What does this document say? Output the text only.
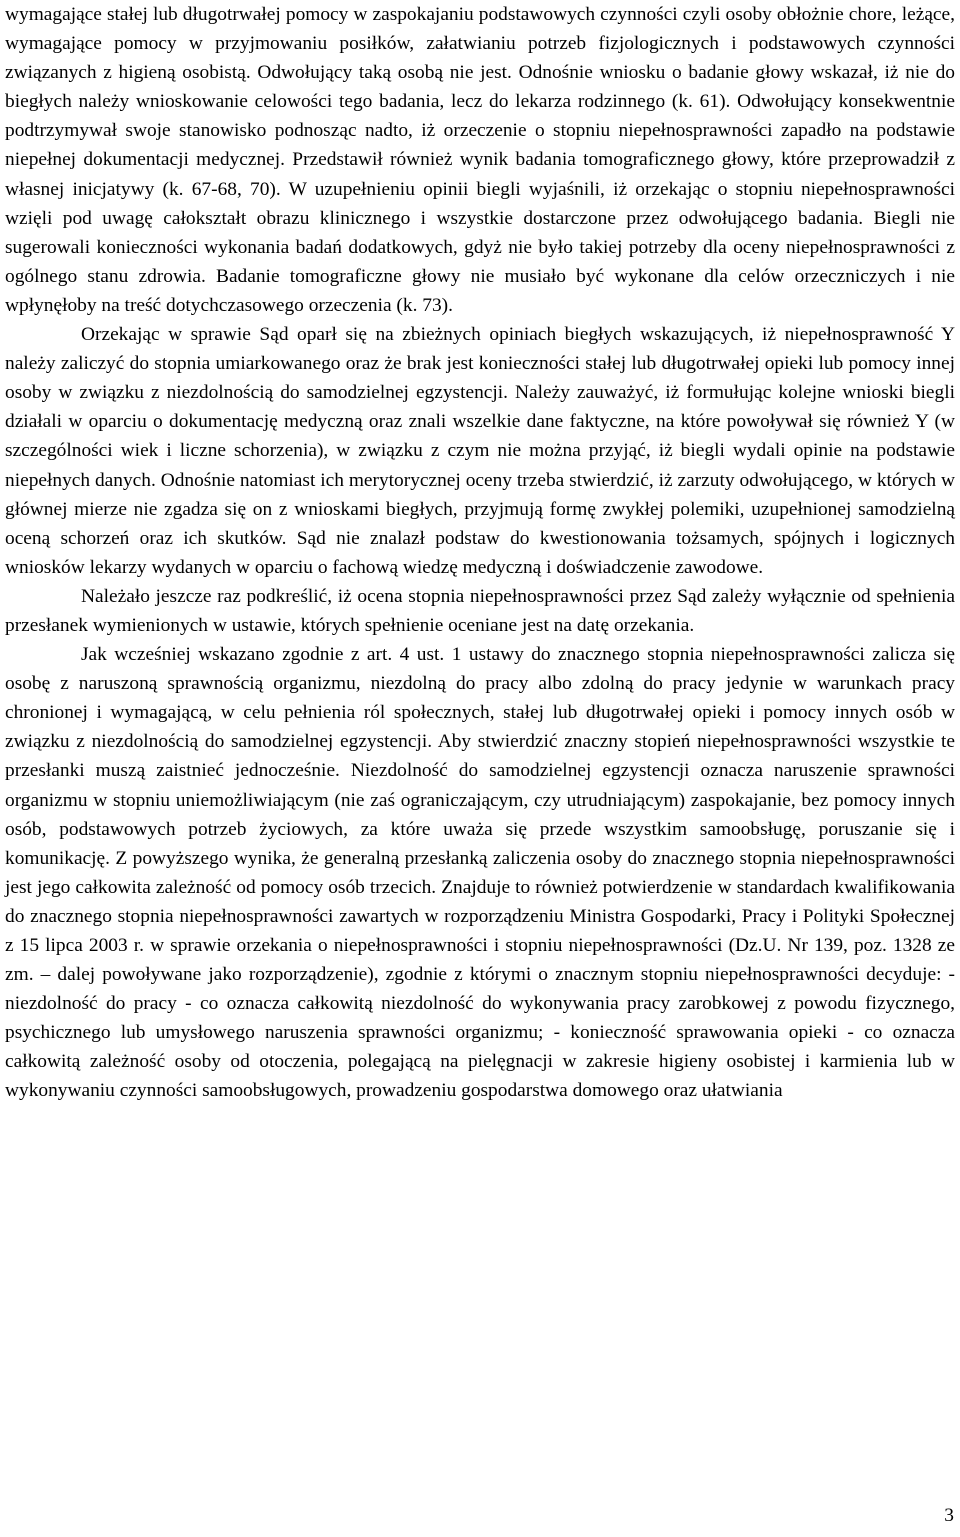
wymagające stałej lub długotrwałej pomocy w zaspokajaniu podstawowych czynności czyli osoby obłożnie chore, leżące, wymagające pomocy w przyjmowaniu posiłków, załatwianiu potrzeb fizjologicznych i podstawowych czynności związanych z higieną osobistą. Odwołujący taką osobą nie jest. Odnośnie wniosku o badanie głowy wskazał, iż nie do biegłych należy wnioskowanie celowości tego badania, lecz do lekarza rodzinnego (k. 61). Odwołujący konsekwentnie podtrzymywał swoje stanowisko podnosząc nadto, iż orzeczenie o stopniu niepełnosprawności zapadło na podstawie niepełnej dokumentacji medycznej. Przedstawił również wynik badania tomograficznego głowy, które przeprowadził z własnej inicjatywy (k. 67-68, 70). W uzupełnieniu opinii biegli wyjaśnili, iż orzekając o stopniu niepełnosprawności wzięli pod uwagę całokształt obrazu klinicznego i wszystkie dostarczone przez odwołującego badania. Biegli nie sugerowali konieczności wykonania badań dodatkowych, gdyż nie było takiej potrzeby dla oceny niepełnosprawności z ogólnego stanu zdrowia. Badanie tomograficzne głowy nie musiało być wykonane dla celów orzeczniczych i nie wpłynęłoby na treść dotychczasowego orzeczenia (k. 73).

Orzekając w sprawie Sąd oparł się na zbieżnych opiniach biegłych wskazujących, iż niepełnosprawność Y należy zaliczyć do stopnia umiarkowanego oraz że brak jest konieczności stałej lub długotrwałej opieki lub pomocy innej osoby w związku z niezdolnością do samodzielnej egzystencji. Należy zauważyć, iż formułując kolejne wnioski biegli działali w oparciu o dokumentację medyczną oraz znali wszelkie dane faktyczne, na które powoływał się również Y (w szczególności wiek i liczne schorzenia), w związku z czym nie można przyjąć, iż biegli wydali opinie na podstawie niepełnych danych. Odnośnie natomiast ich merytorycznej oceny trzeba stwierdzić, iż zarzuty odwołującego, w których w głównej mierze nie zgadza się on z wnioskami biegłych, przyjmują formę zwykłej polemiki, uzupełnionej samodzielną oceną schorzeń oraz ich skutków. Sąd nie znalazł podstaw do kwestionowania tożsamych, spójnych i logicznych wniosków lekarzy wydanych w oparciu o fachową wiedzę medyczną i doświadczenie zawodowe.

Należało jeszcze raz podkreślić, iż ocena stopnia niepełnosprawności przez Sąd zależy wyłącznie od spełnienia przesłanek wymienionych w ustawie, których spełnienie oceniane jest na datę orzekania.

Jak wcześniej wskazano zgodnie z art. 4 ust. 1 ustawy do znacznego stopnia niepełnosprawności zalicza się osobę z naruszoną sprawnością organizmu, niezdolną do pracy albo zdolną do pracy jedynie w warunkach pracy chronionej i wymagającą, w celu pełnienia ról społecznych, stałej lub długotrwałej opieki i pomocy innych osób w związku z niezdolnością do samodzielnej egzystencji. Aby stwierdzić znaczny stopień niepełnosprawności wszystkie te przesłanki muszą zaistnieć jednocześnie. Niezdolność do samodzielnej egzystencji oznacza naruszenie sprawności organizmu w stopniu uniemożliwiającym (nie zaś ograniczającym, czy utrudniającym) zaspokajanie, bez pomocy innych osób, podstawowych potrzeb życiowych, za które uważa się przede wszystkim samoobsługę, poruszanie się i komunikację. Z powyższego wynika, że generalną przesłanką zaliczenia osoby do znacznego stopnia niepełnosprawności jest jego całkowita zależność od pomocy osób trzecich. Znajduje to również potwierdzenie w standardach kwalifikowania do znacznego stopnia niepełnosprawności zawartych w rozporządzeniu Ministra Gospodarki, Pracy i Polityki Społecznej z 15 lipca 2003 r. w sprawie orzekania o niepełnosprawności i stopniu niepełnosprawności (Dz.U. Nr 139, poz. 1328 ze zm. – dalej powoływane jako rozporządzenie), zgodnie z którymi o znacznym stopniu niepełnosprawności decyduje: - niezdolność do pracy - co oznacza całkowitą niezdolność do wykonywania pracy zarobkowej z powodu fizycznego, psychicznego lub umysłowego naruszenia sprawności organizmu; - konieczność sprawowania opieki - co oznacza całkowitą zależność osoby od otoczenia, polegającą na pielęgnacji w zakresie higieny osobistej i karmienia lub w wykonywaniu czynności samoobsługowych, prowadzeniu gospodarstwa domowego oraz ułatwiania

3
